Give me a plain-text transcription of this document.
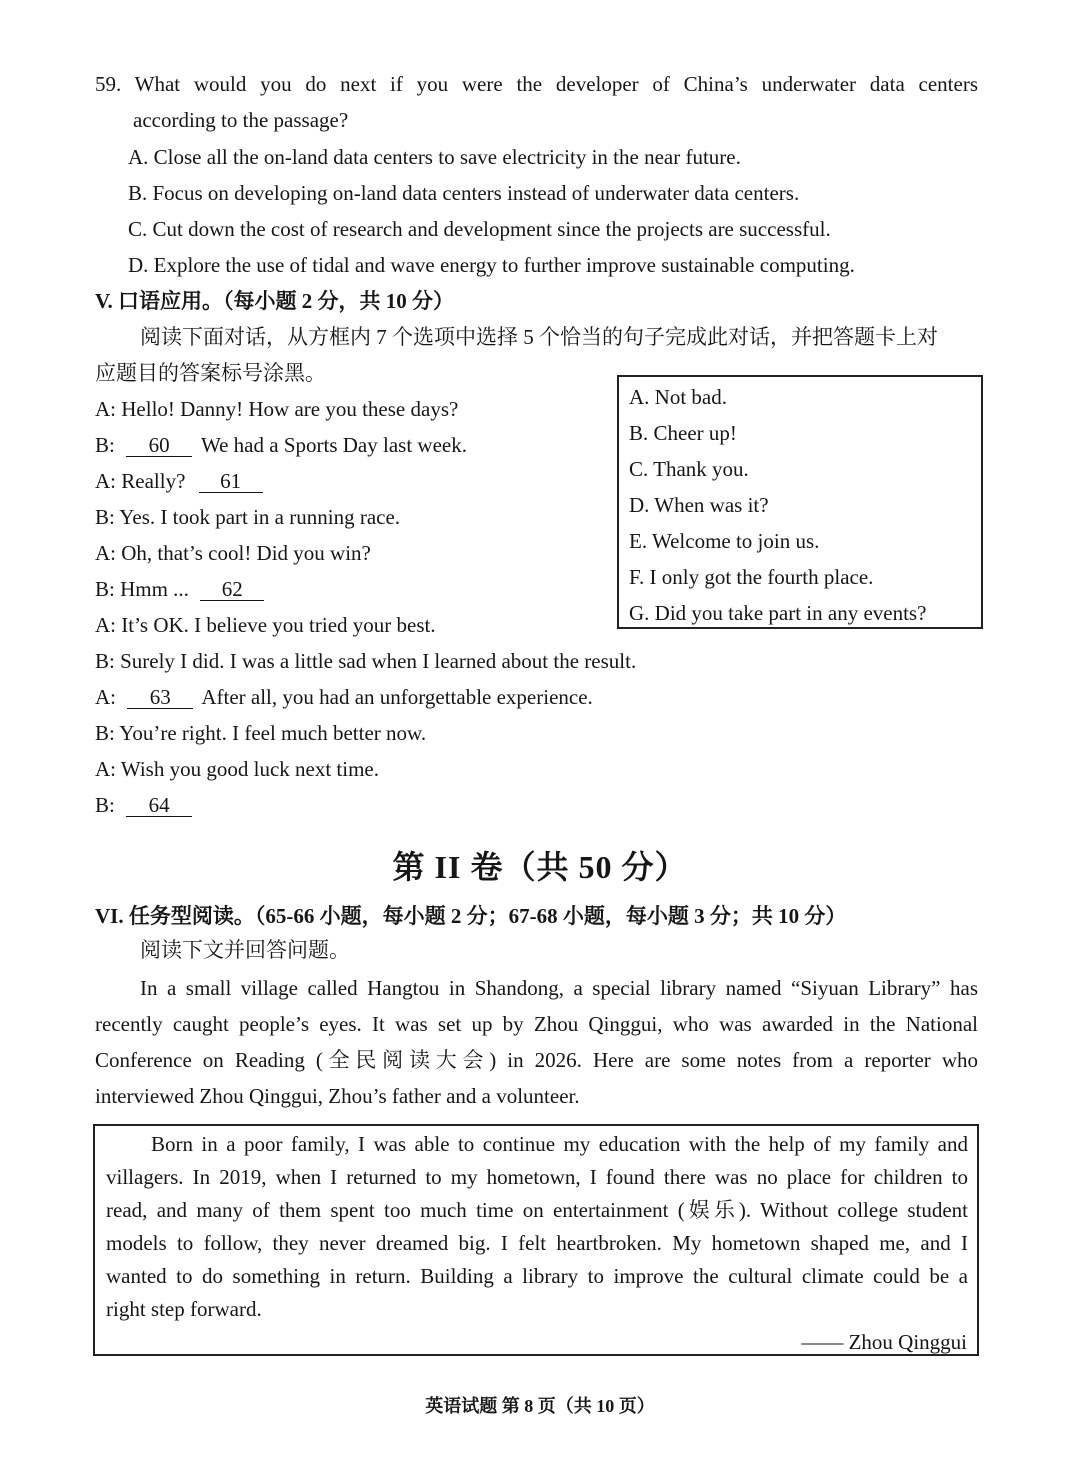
59. What would you do next if you were the developer of China’s underwater data centers
according to the passage?
A. Close all the on-land data centers to save electricity in the near future.
B. Focus on developing on-land data centers instead of underwater data centers.
C. Cut down the cost of research and development since the projects are successful.
D. Explore the use of tidal and wave energy to further improve sustainable computing.
V. 口语应用。（每小题 2 分，共 10 分）
阅读下面对话，从方框内 7 个选项中选择 5 个恰当的句子完成此对话，并把答题卡上对
应题目的答案标号涂黑。
A: Hello! Danny! How are you these days?
B: 60 We had a Sports Day last week.
A: Really? 61
B: Yes. I took part in a running race.
A: Oh, that’s cool! Did you win?
B: Hmm ... 62
A: It’s OK. I believe you tried your best.
B: Surely I did. I was a little sad when I learned about the result.
A: 63 After all, you had an unforgettable experience.
B: You’re right. I feel much better now.
A: Wish you good luck next time.
B: 64
A. Not bad.
B. Cheer up!
C. Thank you.
D. When was it?
E. Welcome to join us.
F. I only got the fourth place.
G. Did you take part in any events?
第 II 卷（共 50 分）
VI. 任务型阅读。（65-66 小题，每小题 2 分；67-68 小题，每小题 3 分；共 10 分）
阅读下文并回答问题。
In a small village called Hangtou in Shandong, a special library named “Siyuan Library” has
recently caught people’s eyes. It was set up by Zhou Qinggui, who was awarded in the National
Conference on Reading (全民阅读大会) in 2026. Here are some notes from a reporter who
interviewed Zhou Qinggui, Zhou’s father and a volunteer.
Born in a poor family, I was able to continue my education with the help of my family and
villagers. In 2019, when I returned to my hometown, I found there was no place for children to
read, and many of them spent too much time on entertainment (娱乐). Without college student
models to follow, they never dreamed big. I felt heartbroken. My hometown shaped me, and I
wanted to do something in return. Building a library to improve the cultural climate could be a
right step forward.
—— Zhou Qinggui
英语试题 第 8 页（共 10 页）
